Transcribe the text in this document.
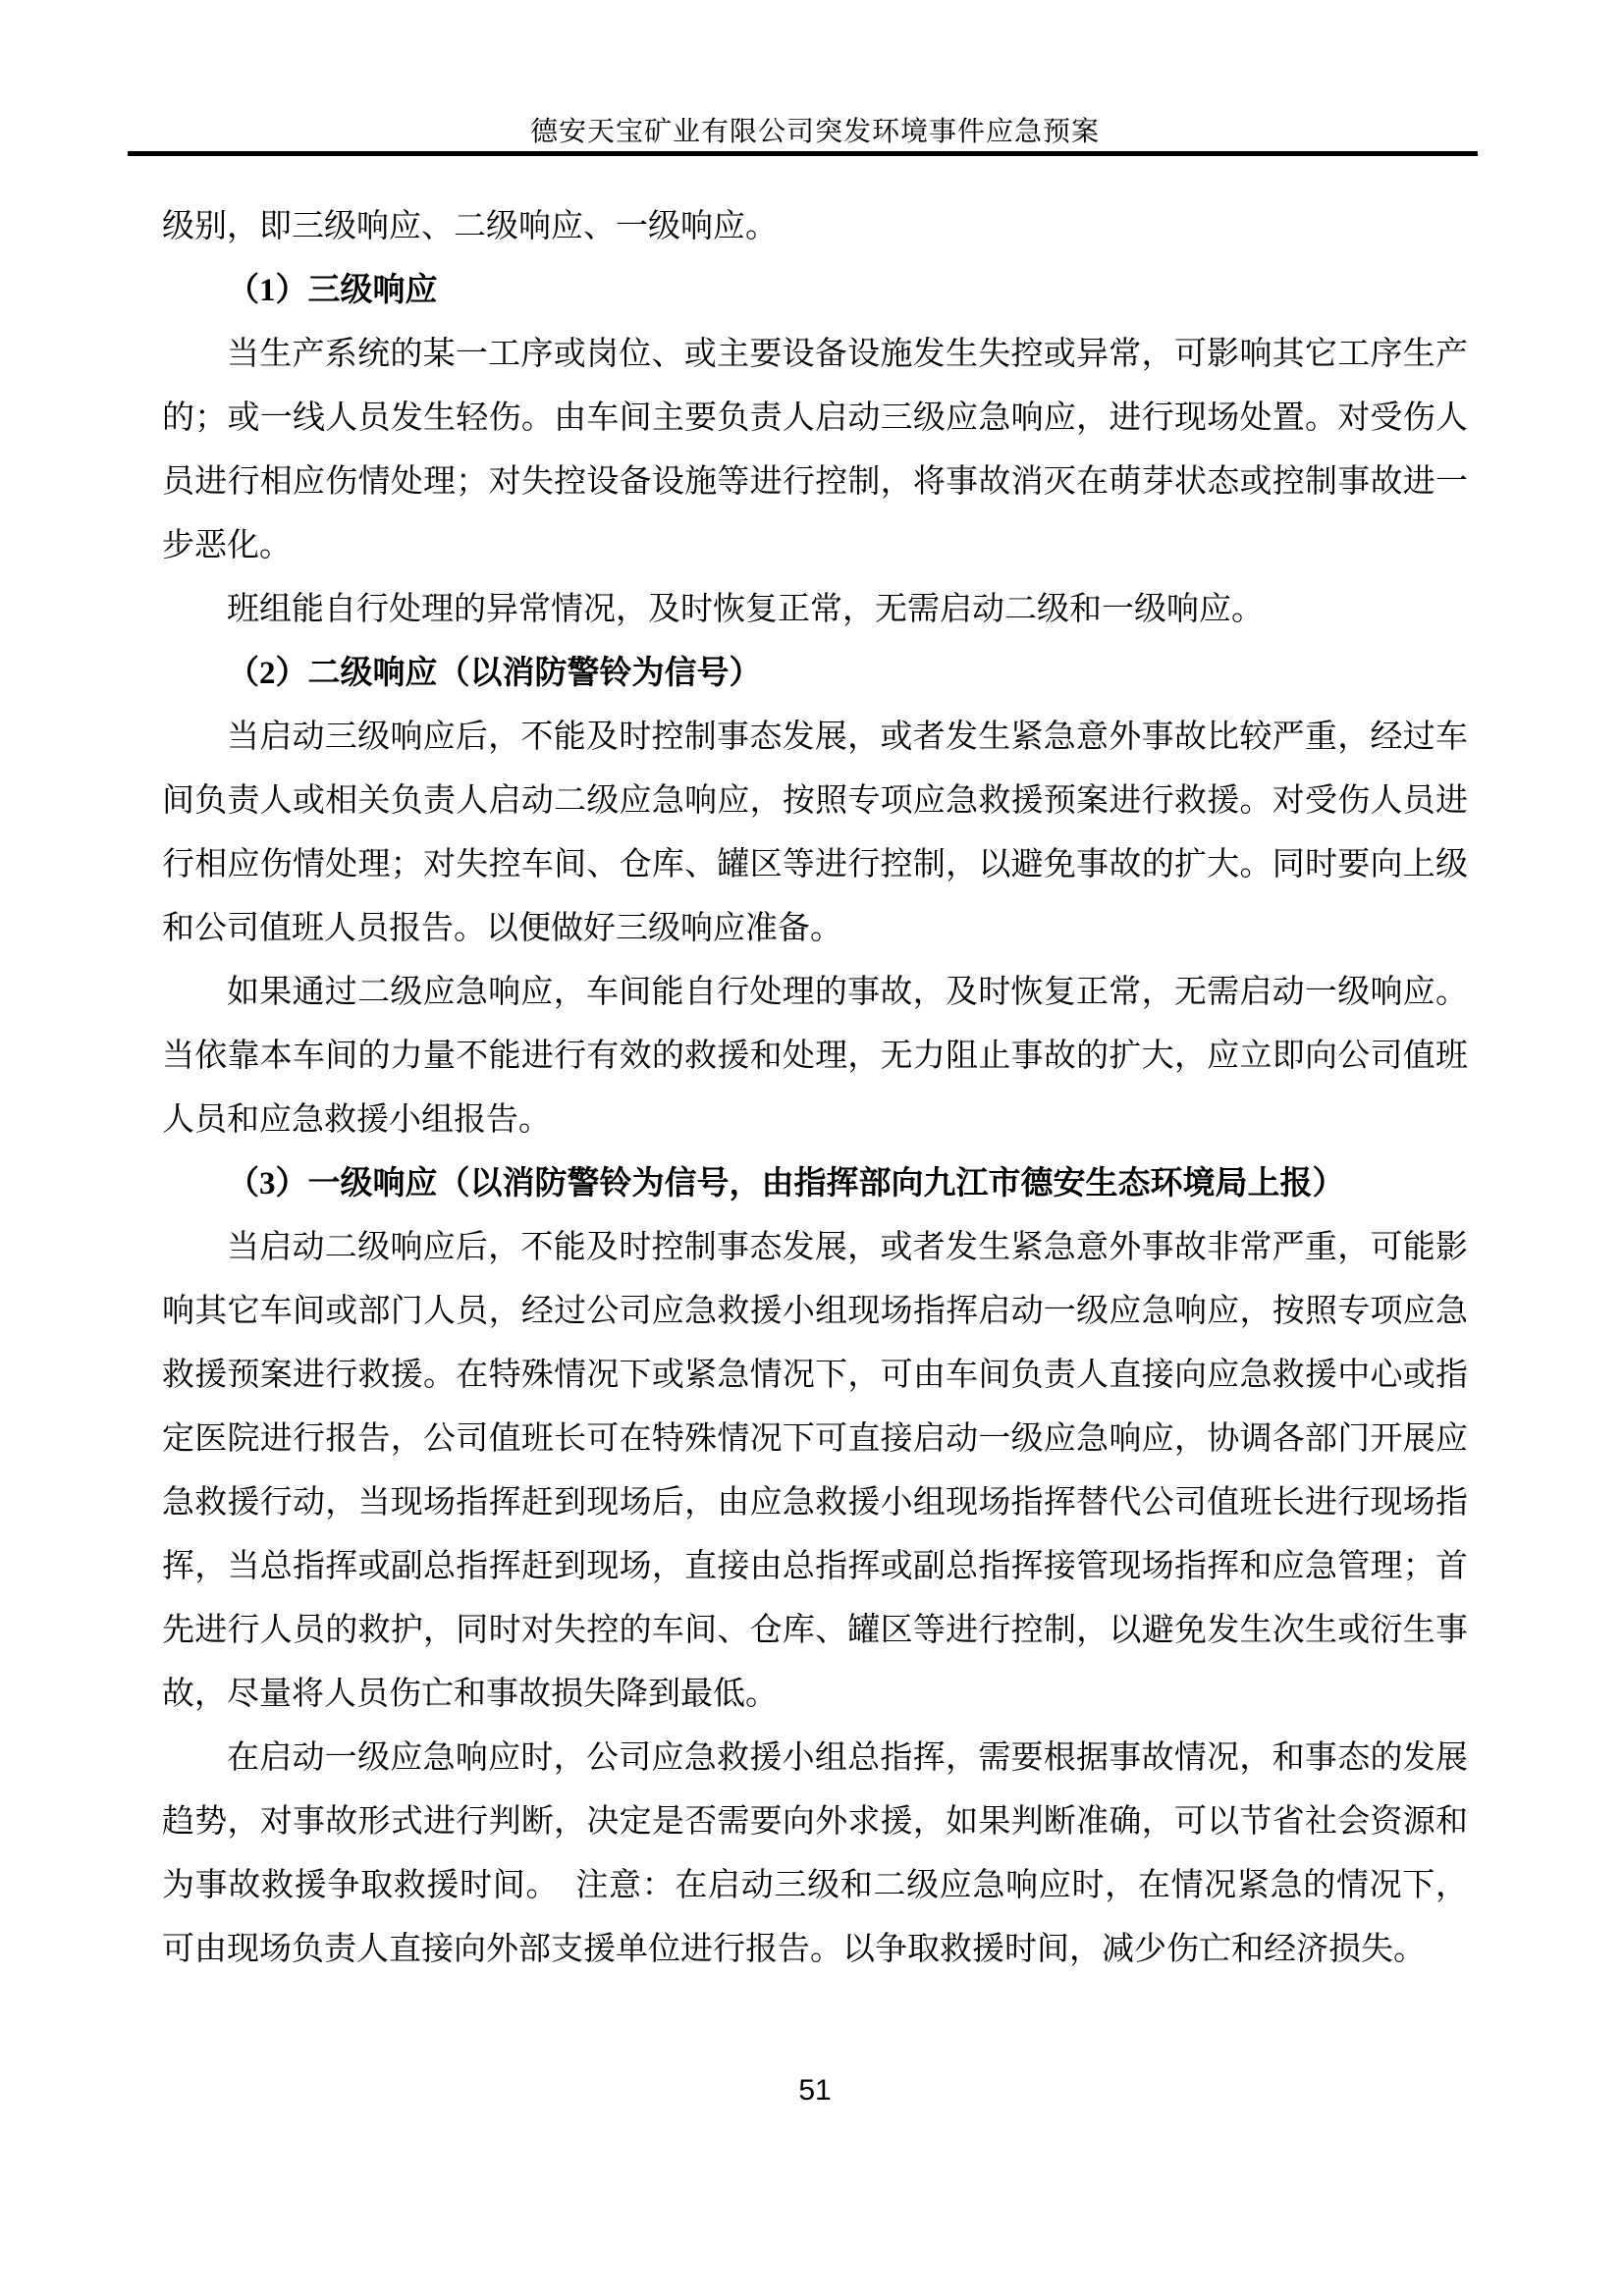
德安天宝矿业有限公司突发环境事件应急预案

级别，即三级响应、二级响应、一级响应。

（1）三级响应

当生产系统的某一工序或岗位、或主要设备设施发生失控或异常，可影响其它工序生产的；或一线人员发生轻伤。由车间主要负责人启动三级应急响应，进行现场处置。对受伤人员进行相应伤情处理；对失控设备设施等进行控制，将事故消灭在萌芽状态或控制事故进一步恶化。

班组能自行处理的异常情况，及时恢复正常，无需启动二级和一级响应。

（2）二级响应（以消防警铃为信号）

当启动三级响应后，不能及时控制事态发展，或者发生紧急意外事故比较严重，经过车间负责人或相关负责人启动二级应急响应，按照专项应急救援预案进行救援。对受伤人员进行相应伤情处理；对失控车间、仓库、罐区等进行控制，以避免事故的扩大。同时要向上级和公司值班人员报告。以便做好三级响应准备。

如果通过二级应急响应，车间能自行处理的事故，及时恢复正常，无需启动一级响应。当依靠本车间的力量不能进行有效的救援和处理，无力阻止事故的扩大，应立即向公司值班人员和应急救援小组报告。

（3）一级响应（以消防警铃为信号，由指挥部向九江市德安生态环境局上报）

当启动二级响应后，不能及时控制事态发展，或者发生紧急意外事故非常严重，可能影响其它车间或部门人员，经过公司应急救援小组现场指挥启动一级应急响应，按照专项应急救援预案进行救援。在特殊情况下或紧急情况下，可由车间负责人直接向应急救援中心或指定医院进行报告，公司值班长可在特殊情况下可直接启动一级应急响应，协调各部门开展应急救援行动，当现场指挥赶到现场后，由应急救援小组现场指挥替代公司值班长进行现场指挥，当总指挥或副总指挥赶到现场，直接由总指挥或副总指挥接管现场指挥和应急管理；首先进行人员的救护，同时对失控的车间、仓库、罐区等进行控制，以避免发生次生或衍生事故，尽量将人员伤亡和事故损失降到最低。

在启动一级应急响应时，公司应急救援小组总指挥，需要根据事故情况，和事态的发展趋势，对事故形式进行判断，决定是否需要向外求援，如果判断准确，可以节省社会资源和为事故救援争取救援时间。　注意：在启动三级和二级应急响应时，在情况紧急的情况下，可由现场负责人直接向外部支援单位进行报告。以争取救援时间，减少伤亡和经济损失。

51
